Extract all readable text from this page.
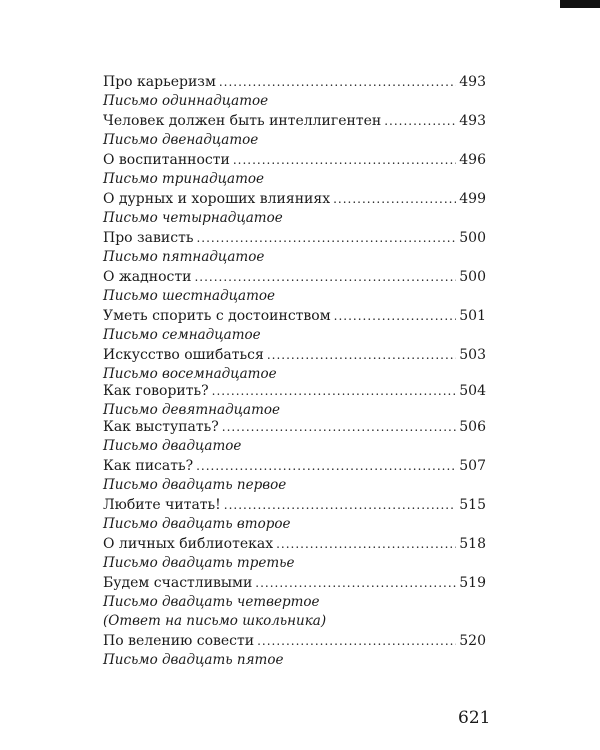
Про карьеризм .....	493
Письмо одиннадцатое
Человек должен быть интеллигентен .....	493
Письмо двенадцатое
О воспитанности .....	496
Письмо тринадцатое
О дурных и хороших влияниях .....	499
Письмо четырнадцатое
Про зависть .....	500
Письмо пятнадцатое
О жадности .....	500
Письмо шестнадцатое
Уметь спорить с достоинством .....	501
Письмо семнадцатое
Искусство ошибаться .....	503
Письмо восемнадцатое
Как говорить? .....	504
Письмо девятнадцатое
Как выступать? .....	506
Письмо двадцатое
Как писать? .....	507
Письмо двадцать первое
Любите читать! .....	515
Письмо двадцать второе
О личных библиотеках .....	518
Письмо двадцать третье
Будем счастливыми .....	519
Письмо двадцать четвертое
(Ответ на письмо школьника)
По велению совести .....	520
Письмо двадцать пятое
621
